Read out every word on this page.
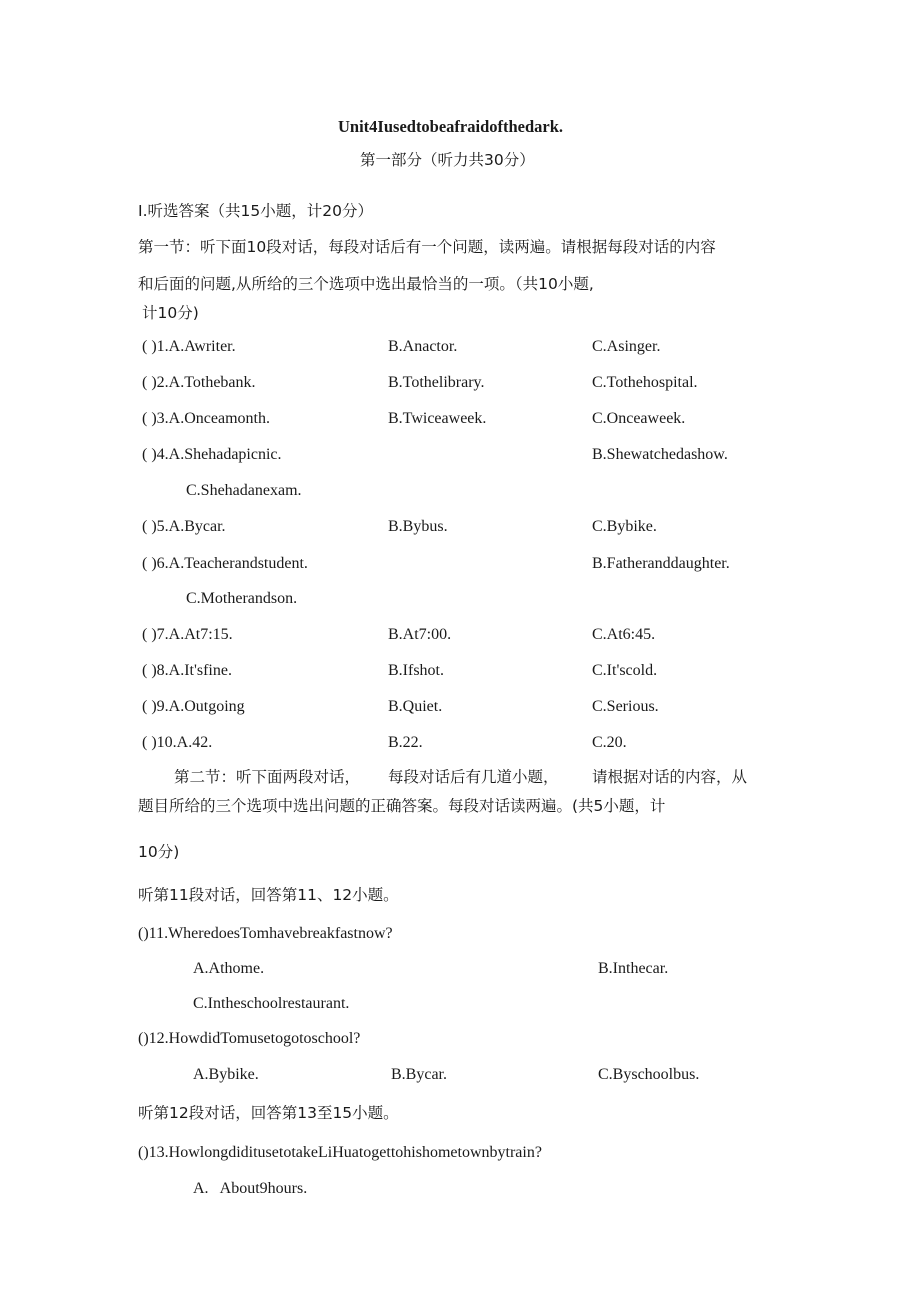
Unit4Iusedtobeafraidofthedark.
第一部分（听力共30分）
I.听选答案（共15小题，计20分）
第一节：听下面10段对话，每段对话后有一个问题，读两遍。请根据每段对话的内容
和后面的问题,从所给的三个选项中选出最恰当的一项。（共10小题,
计10分)
( )1.A.Awriter.	B.Anactor.	C.Asinger.
( )2.A.Tothebank.	B.Tothelibrary.	C.Tothehospital.
( )3.A.Onceamonth.	B.Twiceaweek.	C.Onceaweek.
( )4.A.Shehadapicnic.	B.Shewatchedashow.
C.Shehadanexam.
( )5.A.Bycar.	B.Bybus.	C.Bybike.
( )6.A.Teacherandstudent.	B.Fatheranddaughter.
C.Motherandson.
( )7.A.At7:15.	B.At7:00.	C.At6:45.
( )8.A.It'sfine.	B.Ifshot.	C.It'scold.
( )9.A.Outgoing	B.Quiet.	C.Serious.
( )10.A.42.	B.22.	C.20.
第二节：听下面两段对话， 每段对话后有几道小题， 请根据对话的内容，从
题目所给的三个选项中选出问题的正确答案。每段对话读两遍。(共5小题，计
10分)
听第11段对话，回答第11、12小题。
()11.WheredoesTomhavebreakfastnow?
A.Athome.	B.Inthecar.
C.Intheschoolrestaurant.
()12.HowdidTomusetogotoschool?
A.Bybike.	B.Bycar.	C.Byschoolbus.
听第12段对话，回答第13至15小题。
()13.HowlongdiditusetotakeLiHuatogettohishometownbytrain?
A.   About9hours.
